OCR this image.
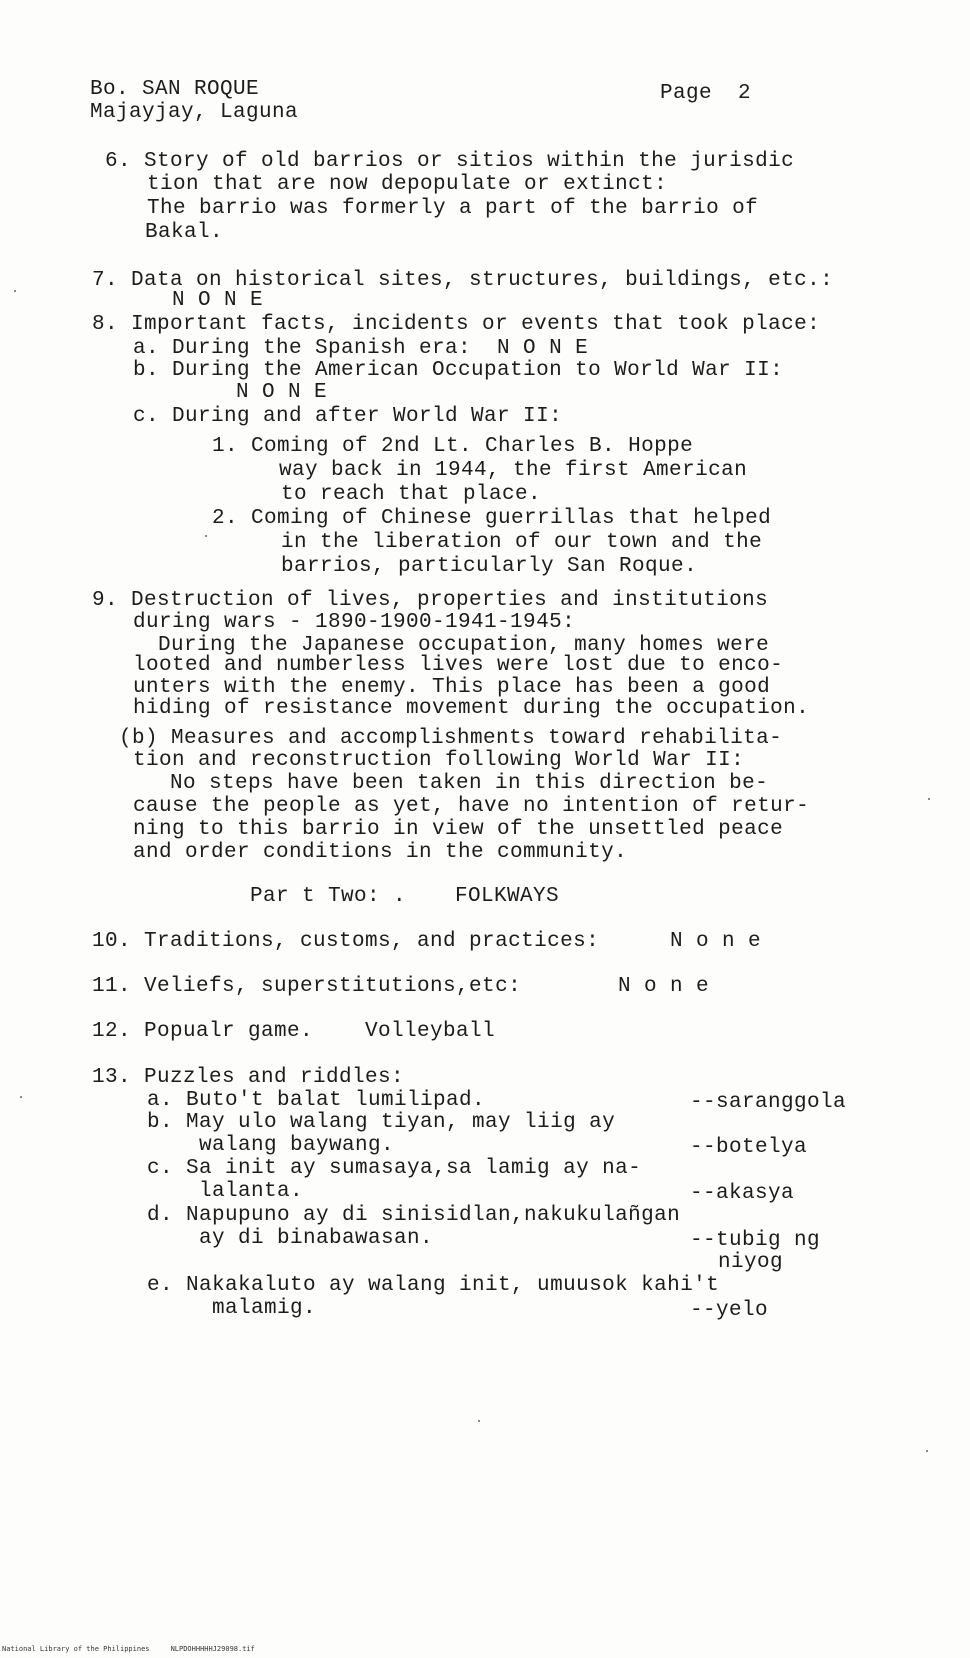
Bo. SAN ROQUE
Majayjay, Laguna
Page  2
6. Story of old barrios or sitios within the jurisdic
tion that are now depopulate or extinct:
The barrio was formerly a part of the barrio of
Bakal.
7. Data on historical sites, structures, buildings, etc.:
N O N E
8. Important facts, incidents or events that took place:
a. During the Spanish era:  N O N E
b. During the American Occupation to World War II:
N O N E
c. During and after World War II:
1. Coming of 2nd Lt. Charles B. Hoppe
way back in 1944, the first American
to reach that place.
2. Coming of Chinese guerrillas that helped
in the liberation of our town and the
barrios, particularly San Roque.
9. Destruction of lives, properties and institutions
during wars - 1890-1900-1941-1945:
During the Japanese occupation, many homes were
looted and numberless lives were lost due to enco-
unters with the enemy. This place has been a good
hiding of resistance movement during the occupation.
(b) Measures and accomplishments toward rehabilita-
tion and reconstruction following World War II:
No steps have been taken in this direction be-
cause the people as yet, have no intention of retur-
ning to this barrio in view of the unsettled peace
and order conditions in the community.
Par t Two: . FOLKWAYS
10. Traditions, customs, and practices:	N o n e
11. Veliefs, superstitutions,etc:	N o n e
12. Popualr game. Volleyball
13. Puzzles and riddles:
a. Buto't balat lumilipad.	--saranggola
b. May ulo walang tiyan, may liig ay
walang baywang.	--botelya
c. Sa init ay sumasaya,sa lamig ay na-
lalanta.	--akasya
d. Napupuno ay di sinisidlan,nakukulañgan
ay di binabawasan.	--tubig ng
niyog
e. Nakakaluto ay walang init, umuusok kahi't
malamig.	--yelo
National Library of the Philippines     NLPDOHHHHHJ29098.tif
